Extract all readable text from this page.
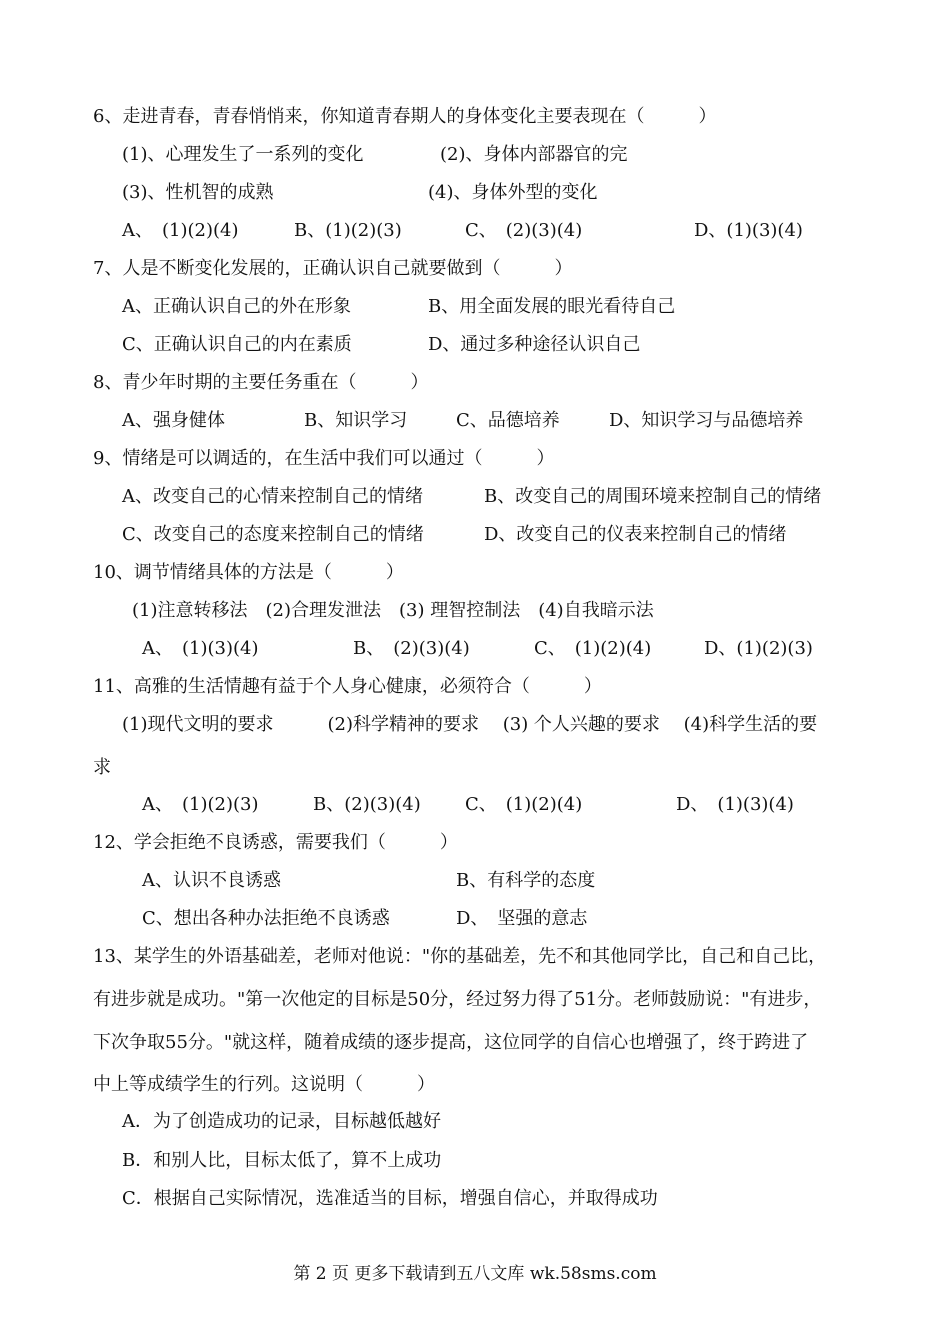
6、走进青春，青春悄悄来，你知道青春期人的身体变化主要表现在（　　　）
(1)、心理发生了一系列的变化	(2)、身体内部器官的完
(3)、性机智的成熟	(4)、身体外型的变化
A、　(1)(2)(4)	B、(1)(2)(3)	C、　(2)(3)(4)	D、(1)(3)(4)
7、人是不断变化发展的，正确认识自己就要做到（　　　）
A、正确认识自己的外在形象	B、用全面发展的眼光看待自己
C、正确认识自己的内在素质	D、通过多种途径认识自己
8、青少年时期的主要任务重在（　　　）
A、强身健体	B、知识学习	C、品德培养	D、知识学习与品德培养
9、情绪是可以调适的，在生活中我们可以通过（　　　）
A、改变自己的心情来控制自己的情绪	B、改变自己的周围环境来控制自己的情绪
C、改变自己的态度来控制自己的情绪	D、改变自己的仪表来控制自己的情绪
10、调节情绪具体的方法是（　　　）
(1)注意转移法　(2)合理发泄法　(3) 理智控制法　(4)自我暗示法
A、　(1)(3)(4)	B、　(2)(3)(4)	C、　(1)(2)(4)	D、(1)(2)(3)
11、高雅的生活情趣有益于个人身心健康，必须符合（　　　）
(1)现代文明的要求　　　(2)科学精神的要求　 (3) 个人兴趣的要求　 (4)科学生活的要
求
A、　(1)(2)(3)	B、(2)(3)(4) C、　(1)(2)(4)	D、　(1)(3)(4)
12、学会拒绝不良诱惑，需要我们（　　　）
A、认识不良诱惑	B、有科学的态度
C、想出各种办法拒绝不良诱惑	D、　坚强的意志
13、某学生的外语基础差，老师对他说："你的基础差，先不和其他同学比，自己和自己比，
有进步就是成功。"第一次他定的目标是50分，经过努力得了51分。老师鼓励说："有进步，
下次争取55分。"就这样，随着成绩的逐步提高，这位同学的自信心也增强了，终于跨进了
中上等成绩学生的行列。这说明（　　　）
A．为了创造成功的记录，目标越低越好
B．和别人比，目标太低了，算不上成功
C．根据自己实际情况，选准适当的目标，增强自信心，并取得成功
第 2 页 更多下载请到五八文库 wk.58sms.com
